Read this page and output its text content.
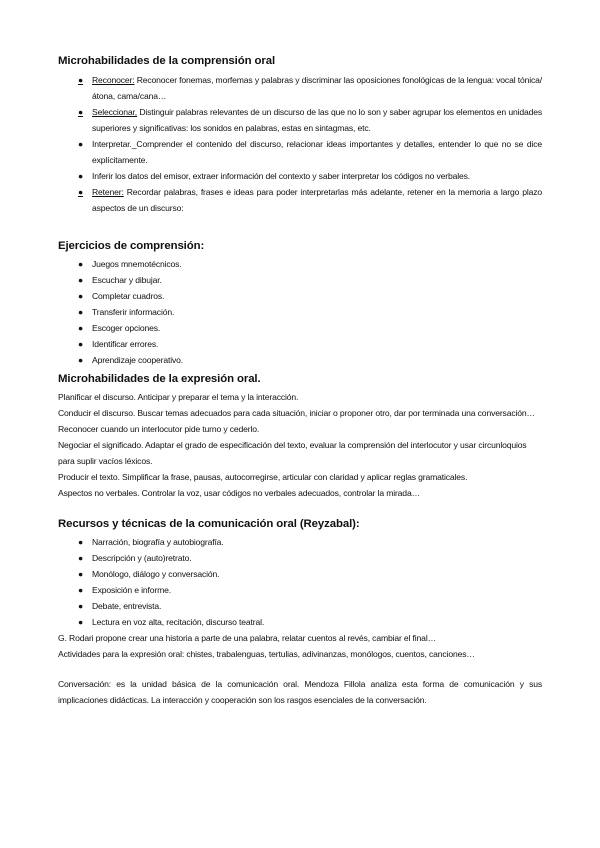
Microhabilidades de la comprensión oral
●	Reconocer: Reconocer fonemas, morfemas y palabras y discriminar las oposiciones fonológicas de la lengua: vocal tónica/átona, cama/cana…
●	Seleccionar, Distinguir palabras relevantes de un discurso de las que no lo son y saber agrupar los elementos en unidades superiores y significativas: los sonidos en palabras, estas en sintagmas, etc.
●	Interpretar._Comprender el contenido del discurso, relacionar ideas importantes y detalles, entender lo que no se dice explícitamente.
●	Inferir los datos del emisor, extraer información del contexto y saber interpretar los códigos no verbales.
●	Retener: Recordar palabras, frases e ideas para poder interpretarlas más adelante, retener en la memoria a largo plazo aspectos de un discurso:
Ejercicios de comprensión:
●	Juegos mnemotécnicos.
●	Escuchar y dibujar.
●	Completar cuadros.
●	Transferir información.
●	Escoger opciones.
●	Identificar errores.
●	Aprendizaje cooperativo.
Microhabilidades de la expresión oral.

Planificar el discurso. Anticipar y preparar el tema y la interacción.

Conducir el discurso. Buscar temas adecuados para cada situación, iniciar o proponer otro, dar por terminada una conversación… Reconocer cuando un interlocutor pide turno y cederlo.

Negociar el significado. Adaptar el grado de especificación del texto, evaluar la comprensión del interlocutor y usar circunloquios para suplir vacíos léxicos.

Producir el texto. Simplificar la frase, pausas, autocorregirse, articular con claridad y aplicar reglas gramaticales.

Aspectos no verbales. Controlar la voz, usar códigos no verbales adecuados, controlar la mirada…

Recursos y técnicas de la comunicación oral (Reyzabal):
●	Narración, biografía y autobiografía.
●	Descripción y (auto)retrato.
●	Monólogo, diálogo y conversación.
●	Exposición e informe.
●	Debate, entrevista.
●	Lectura en voz alta, recitación, discurso teatral.

G. Rodari propone crear una historia a parte de una palabra, relatar cuentos al revés, cambiar el final…

Actividades para la expresión oral: chistes, trabalenguas, tertulias, adivinanzas, monólogos, cuentos, canciones…

Conversación: es la unidad básica de la comunicación oral. Mendoza Fillola analiza esta forma de comunicación y sus implicaciones didácticas. La interacción y cooperación son los rasgos esenciales de la conversación.
